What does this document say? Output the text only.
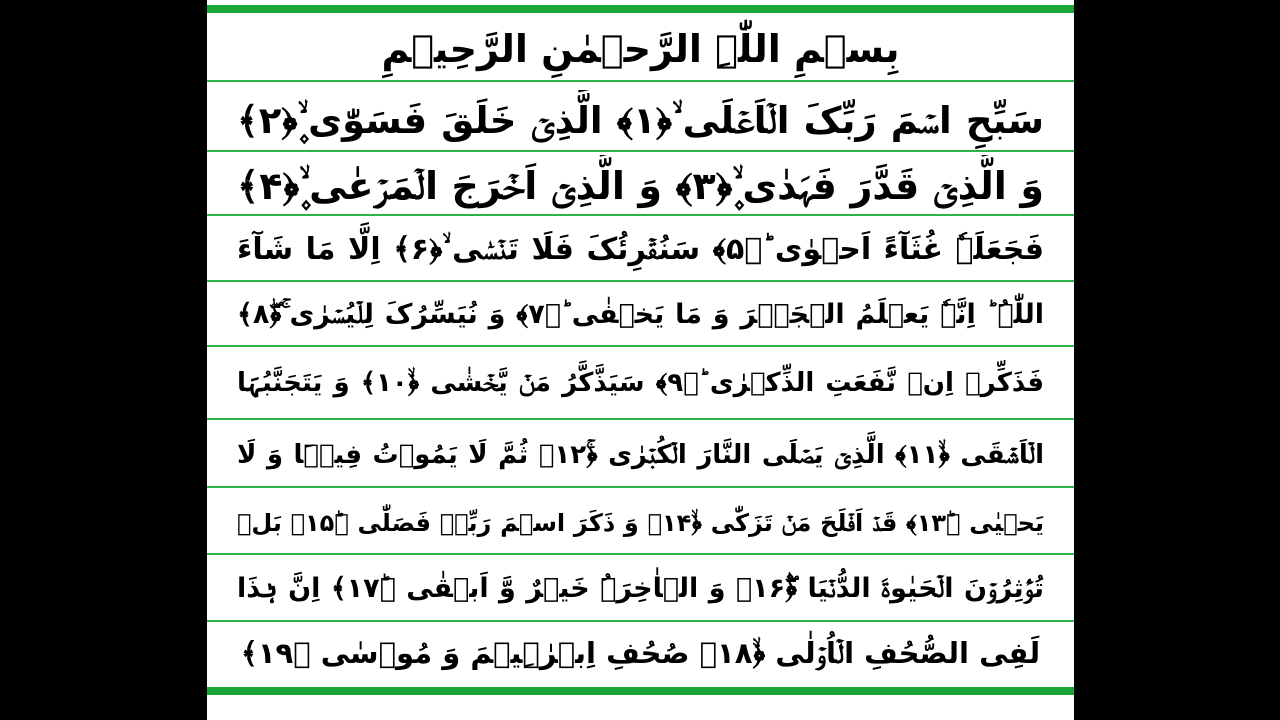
بِسۡمِ اللّٰہِ الرَّحۡمٰنِ الرَّحِیۡمِ
سَبِّحِ اسۡمَ رَبِّکَ الۡاَعۡلَی ۙ﴿۱﴾ الَّذِیۡ خَلَقَ فَسَوّٰی ۪ۙ﴿۲﴾
وَ الَّذِیۡ قَدَّرَ فَہَدٰی ۪ۙ﴿۳﴾ وَ الَّذِیۡۤ اَخۡرَجَ الۡمَرۡعٰی ۪ۙ﴿۴﴾
فَجَعَلَہٗ غُثَآءً اَحۡوٰی ؕ﴿۵﴾ سَنُقۡرِئُکَ فَلَا تَنۡسٰۤی ۙ﴿۶﴾ اِلَّا مَا شَآءَ
اللّٰہُ ؕ اِنَّہٗ یَعۡلَمُ الۡجَہۡرَ وَ مَا یَخۡفٰی ؕ﴿۷﴾ وَ نُیَسِّرُکَ لِلۡیُسۡرٰی ۚ﴿ۖ۸﴾
فَذَکِّرۡ اِنۡ نَّفَعَتِ الذِّکۡرٰی ؕ﴿۹﴾ سَیَذَّکَّرُ مَنۡ یَّخۡشٰی ﴿ۙ۱۰﴾ وَ یَتَجَنَّبُہَا
الۡاَشۡقَی ﴿ۙ۱۱﴾ الَّذِیۡ یَصۡلَی النَّارَ الۡکُبۡرٰی ﴿ۚ۱۲﴾ ثُمَّ لَا یَمُوۡتُ فِیۡہَا وَ لَا
یَحۡیٰی ﴿ؕ۱۳﴾ قَدۡ اَفۡلَحَ مَنۡ تَزَکّٰی ﴿ۙ۱۴﴾ وَ ذَکَرَ اسۡمَ رَبِّہٖ فَصَلّٰی ﴿ؕ۱۵﴾ بَلۡ
تُؤۡثِرُوۡنَ الۡحَیٰوۃَ الدُّنۡیَا ﴿۫ۖ۱۶﴾ وَ الۡاٰخِرَۃُ خَیۡرٌ وَّ اَبۡقٰی ﴿ؕ۱۷﴾ اِنَّ ہٰذَا
لَفِی الصُّحُفِ الۡاُوۡلٰی ﴿ۙ۱۸﴾ صُحُفِ اِبۡرٰہِیۡمَ وَ مُوۡسٰی ﴿۱۹﴾
